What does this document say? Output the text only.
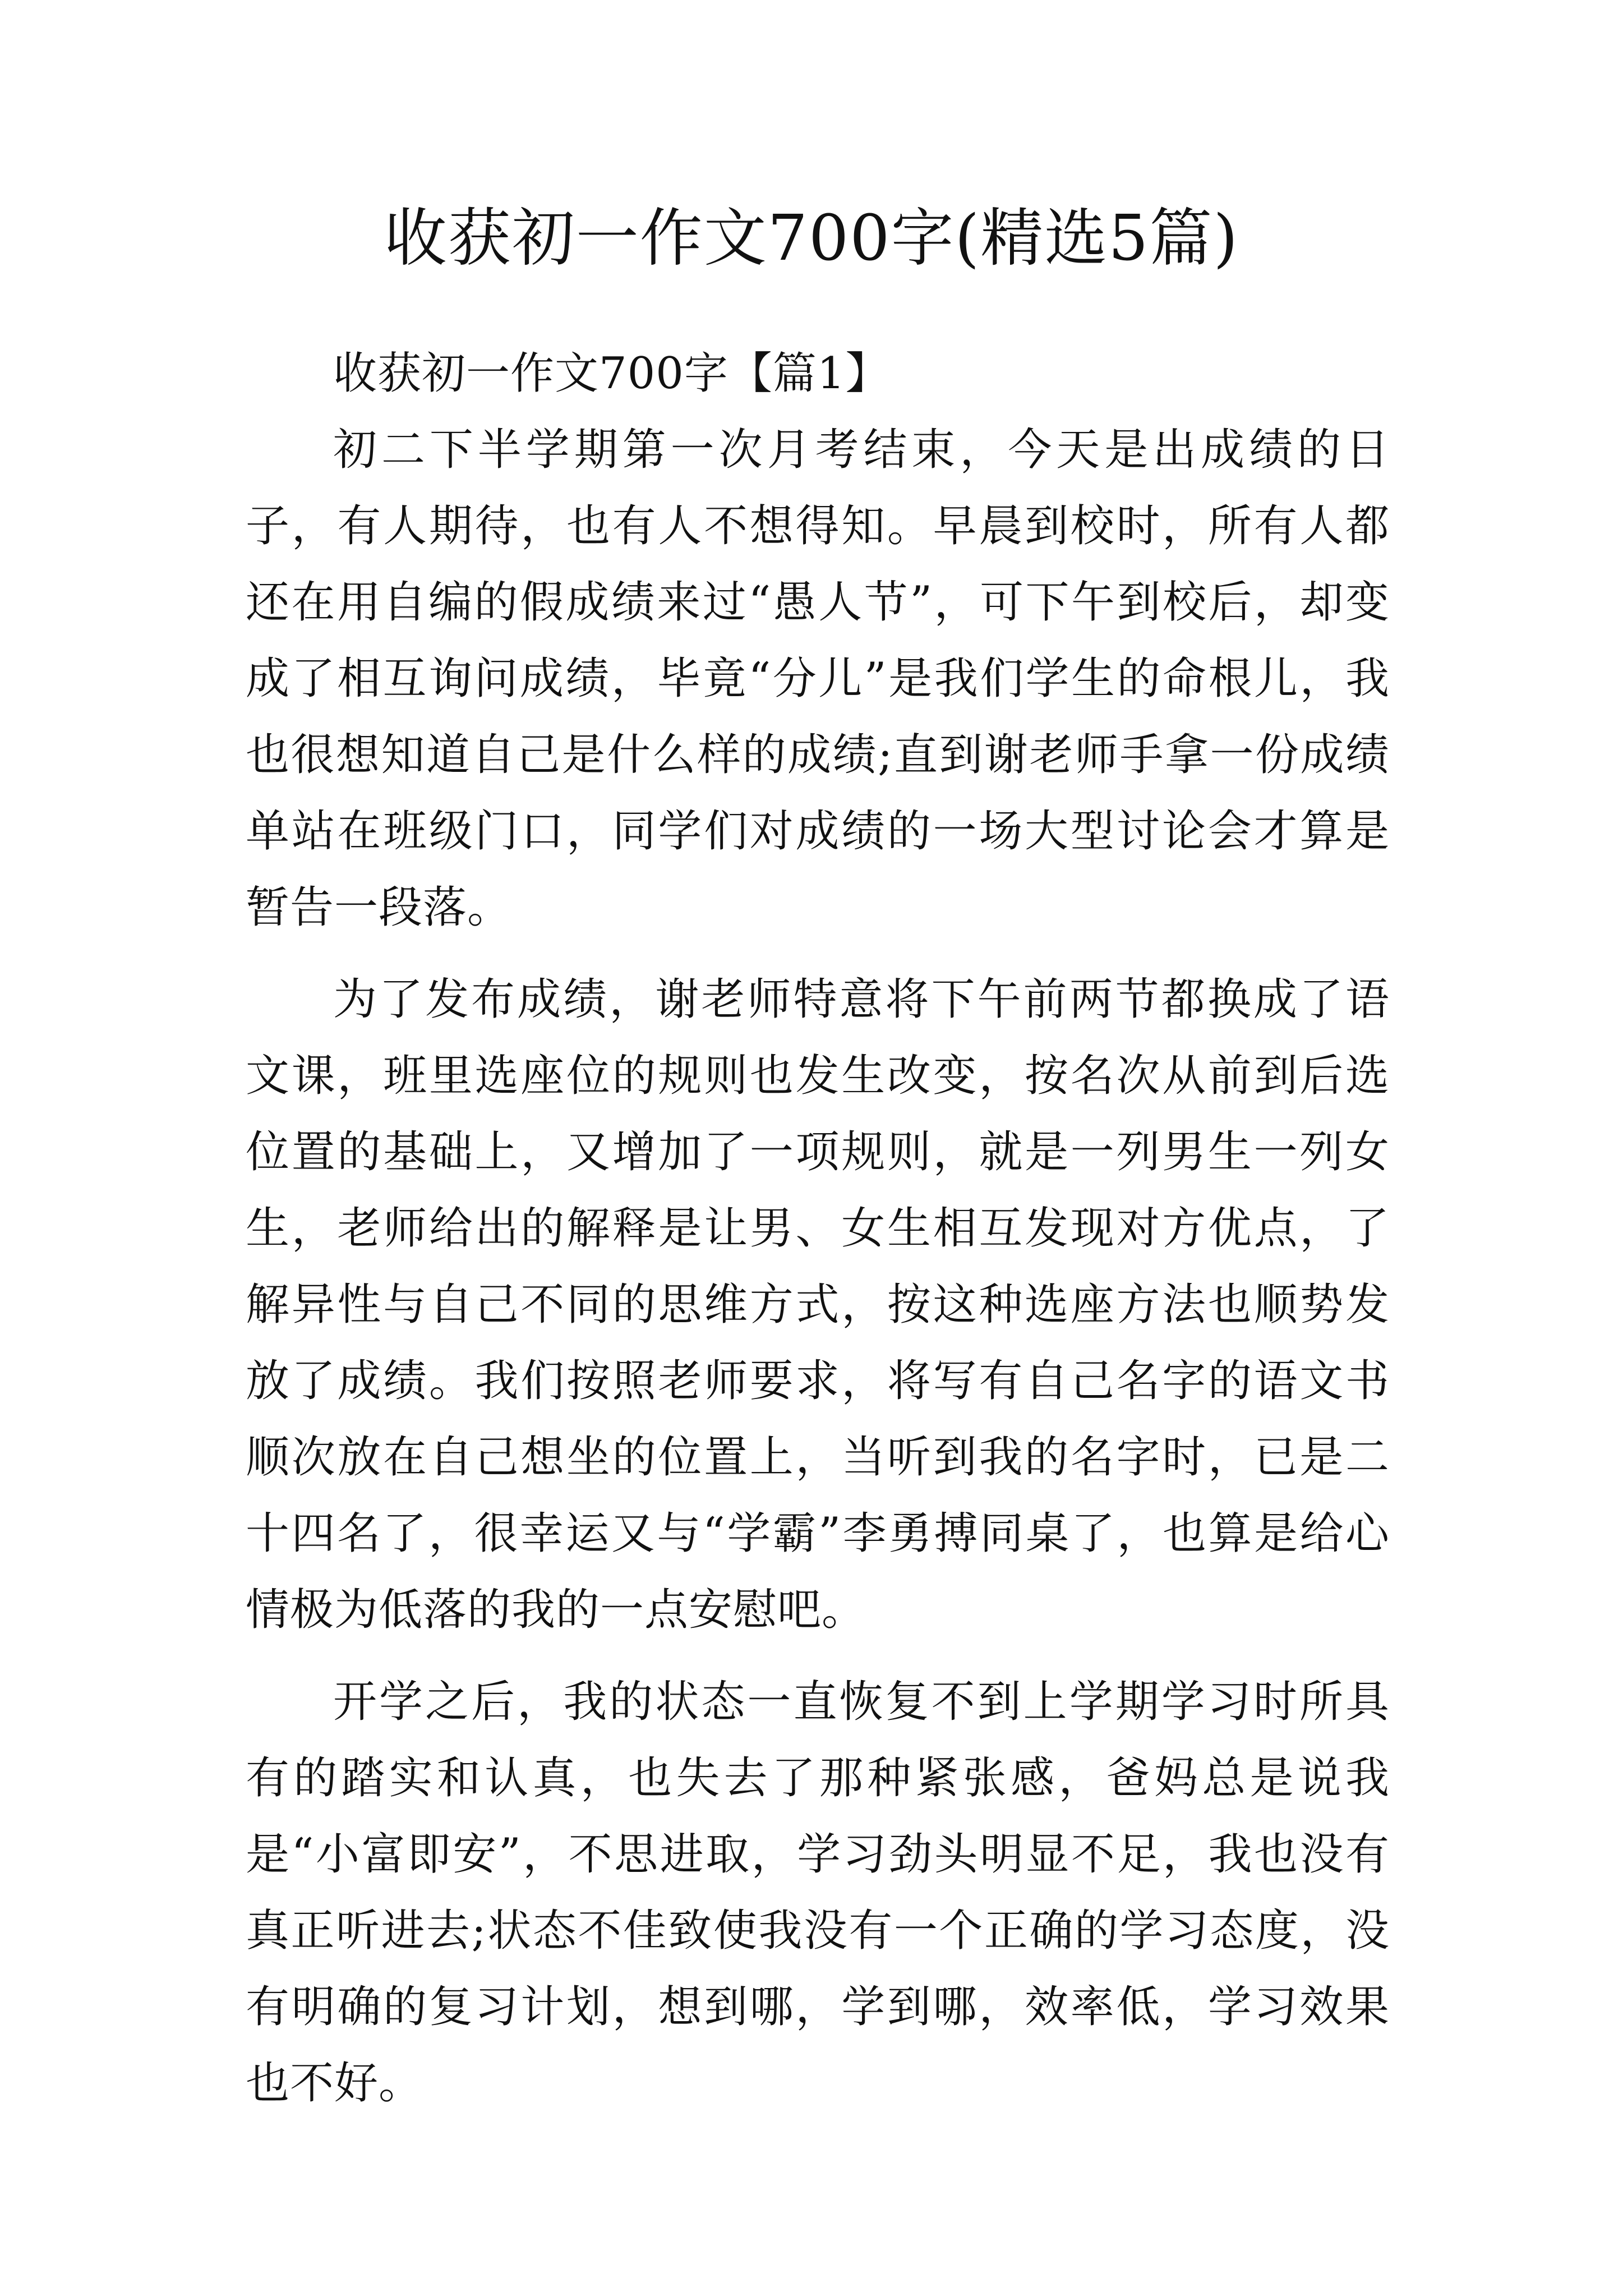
收获初一作文700字(精选5篇)

收获初一作文700字【篇1】

初二下半学期第一次月考结束，今天是出成绩的日子，有人期待，也有人不想得知。早晨到校时，所有人都还在用自编的假成绩来过“愚人节”，可下午到校后，却变成了相互询问成绩，毕竟“分儿”是我们学生的命根儿，我也很想知道自己是什么样的成绩;直到谢老师手拿一份成绩单站在班级门口，同学们对成绩的一场大型讨论会才算是暂告一段落。

为了发布成绩，谢老师特意将下午前两节都换成了语文课，班里选座位的规则也发生改变，按名次从前到后选位置的基础上，又增加了一项规则，就是一列男生一列女生，老师给出的解释是让男、女生相互发现对方优点，了解异性与自己不同的思维方式，按这种选座方法也顺势发放了成绩。我们按照老师要求，将写有自己名字的语文书顺次放在自己想坐的位置上，当听到我的名字时，已是二十四名了，很幸运又与“学霸”李勇搏同桌了，也算是给心情极为低落的我的一点安慰吧。

开学之后，我的状态一直恢复不到上学期学习时所具有的踏实和认真，也失去了那种紧张感，爸妈总是说我是“小富即安”，不思进取，学习劲头明显不足，我也没有真正听进去;状态不佳致使我没有一个正确的学习态度，没有明确的复习计划，想到哪，学到哪，效率低，学习效果也不好。
